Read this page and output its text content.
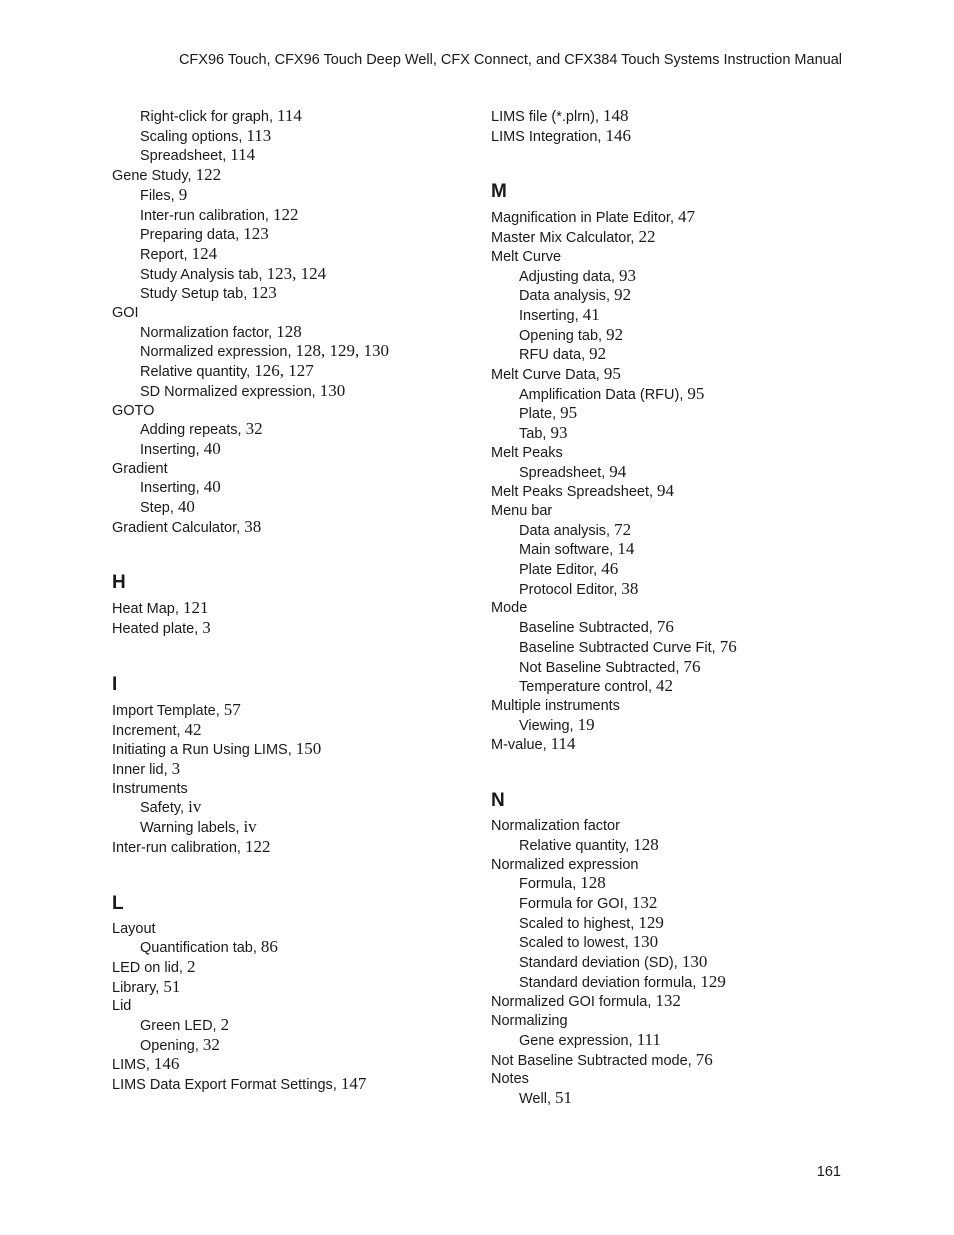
CFX96 Touch, CFX96 Touch Deep Well, CFX Connect, and CFX384 Touch Systems Instruction Manual
Right-click for graph, 114
Scaling options, 113
Spreadsheet, 114
Gene Study, 122
Files, 9
Inter-run calibration, 122
Preparing data, 123
Report, 124
Study Analysis tab, 123, 124
Study Setup tab, 123
GOI
Normalization factor, 128
Normalized expression, 128, 129, 130
Relative quantity, 126, 127
SD Normalized expression, 130
GOTO
Adding repeats, 32
Inserting, 40
Gradient
Inserting, 40
Step, 40
Gradient Calculator, 38
H
Heat Map, 121
Heated plate, 3
I
Import Template, 57
Increment, 42
Initiating a Run Using LIMS, 150
Inner lid, 3
Instruments
Safety, iv
Warning labels, iv
Inter-run calibration, 122
L
Layout
Quantification tab, 86
LED on lid, 2
Library, 51
Lid
Green LED, 2
Opening, 32
LIMS, 146
LIMS Data Export Format Settings, 147
LIMS file (*.plrn), 148
LIMS Integration, 146
M
Magnification in Plate Editor, 47
Master Mix Calculator, 22
Melt Curve
Adjusting data, 93
Data analysis, 92
Inserting, 41
Opening tab, 92
RFU data, 92
Melt Curve Data, 95
Amplification Data (RFU), 95
Plate, 95
Tab, 93
Melt Peaks
Spreadsheet, 94
Melt Peaks Spreadsheet, 94
Menu bar
Data analysis, 72
Main software, 14
Plate Editor, 46
Protocol Editor, 38
Mode
Baseline Subtracted, 76
Baseline Subtracted Curve Fit, 76
Not Baseline Subtracted, 76
Temperature control, 42
Multiple instruments
Viewing, 19
M-value, 114
N
Normalization factor
Relative quantity, 128
Normalized expression
Formula, 128
Formula for GOI, 132
Scaled to highest, 129
Scaled to lowest, 130
Standard deviation (SD), 130
Standard deviation formula, 129
Normalized GOI formula, 132
Normalizing
Gene expression, 111
Not Baseline Subtracted mode, 76
Notes
Well, 51
161
